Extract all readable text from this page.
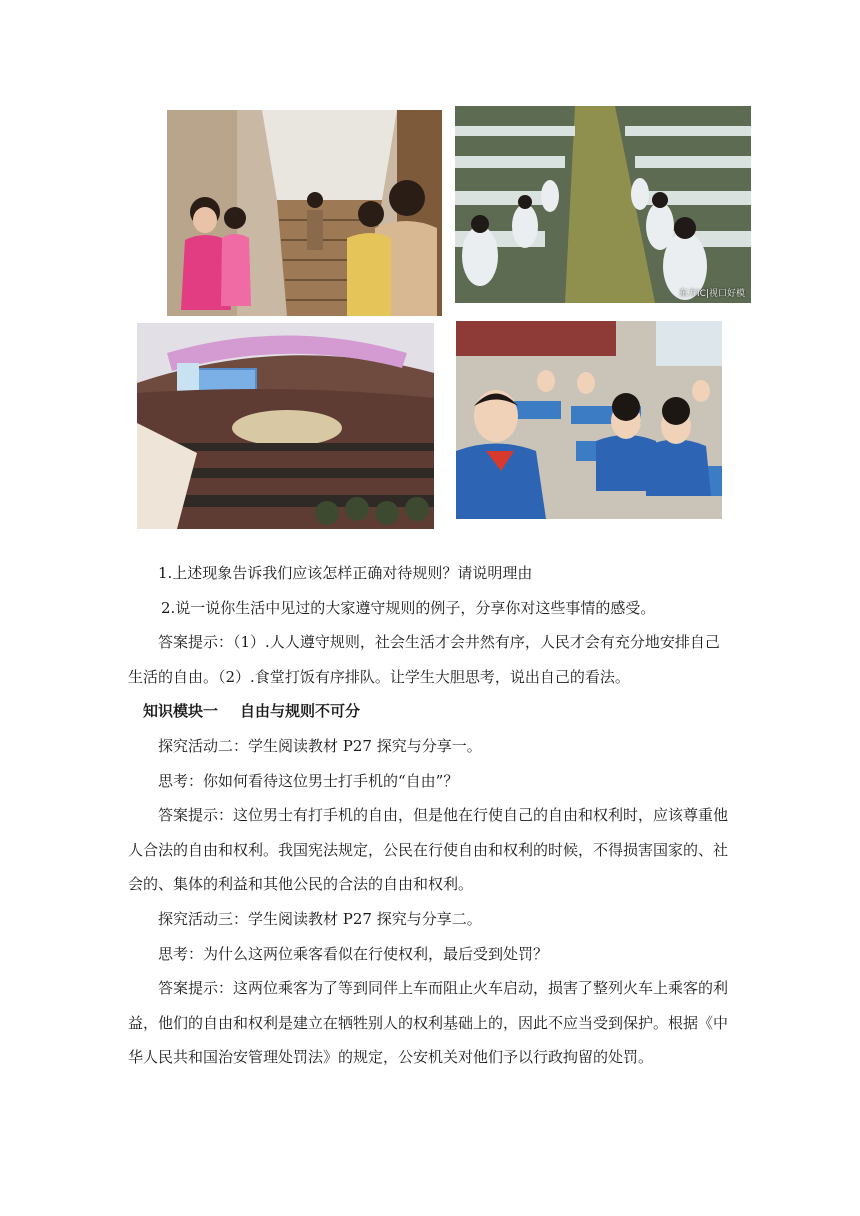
东方IC|视口好模

1.上述现象告诉我们应该怎样正确对待规则？请说明理由

2.说一说你生活中见过的大家遵守规则的例子，分享你对这些事情的感受。

答案提示：（1）.人人遵守规则，社会生活才会井然有序，人民才会有充分地安排自己生活的自由。（2）.食堂打饭有序排队。让学生大胆思考，说出自己的看法。

知识模块一 自由与规则不可分

探究活动二：学生阅读教材 P27 探究与分享一。

思考：你如何看待这位男士打手机的“自由”？

答案提示：这位男士有打手机的自由，但是他在行使自己的自由和权利时，应该尊重他人合法的自由和权利。我国宪法规定，公民在行使自由和权利的时候，不得损害国家的、社会的、集体的利益和其他公民的合法的自由和权利。

探究活动三：学生阅读教材 P27 探究与分享二。

思考：为什么这两位乘客看似在行使权利，最后受到处罚？

答案提示：这两位乘客为了等到同伴上车而阻止火车启动，损害了整列火车上乘客的利益，他们的自由和权利是建立在牺牲别人的权利基础上的，因此不应当受到保护。根据《中华人民共和国治安管理处罚法》的规定，公安机关对他们予以行政拘留的处罚。
